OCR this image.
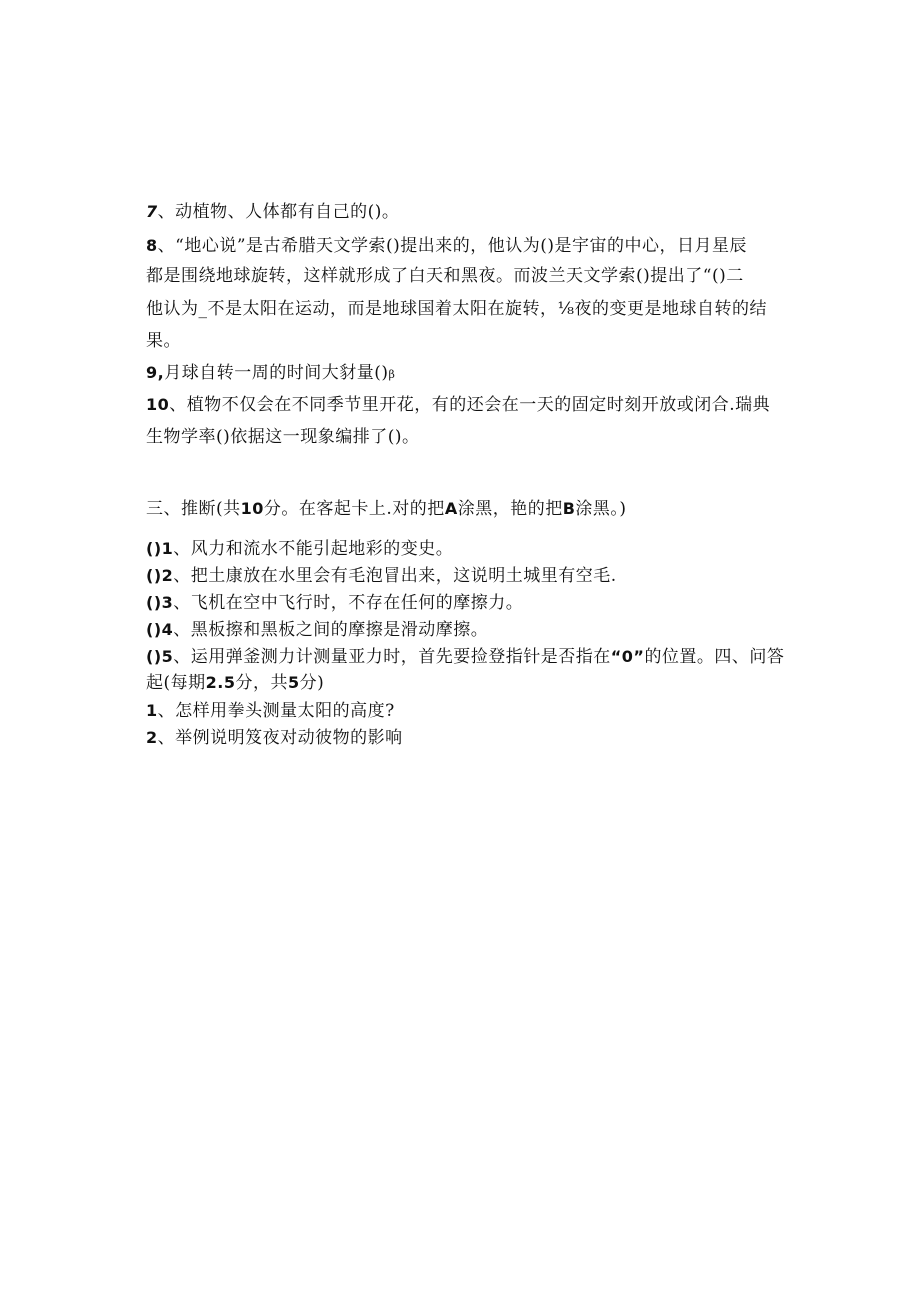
7、动植物、人体都有自己的()。
8、“地心说”是古希腊天文学索()提出来的，他认为()是宇宙的中心，日月星辰
都是围绕地球旋转，这样就形成了白天和黑夜。而波兰天文学索()提出了“()二
他认为_不是太阳在运动，而是地球国着太阳在旋转，⅛夜的变更是地球自转的结
果。
9,月球自转一周的时间大豺量()β
10、植物不仅会在不同季节里开花，有的还会在一天的固定时刻开放或闭合.瑞典
生物学率()依据这一现象编排了()。
三、推断(共10分。在客起卡上.对的把A涂黑，艳的把B涂黑。)
()1、风力和流水不能引起地彩的变史。
()2、把土康放在水里会有毛泡冒出来，这说明土城里有空毛.
()3、飞机在空中飞行时，不存在任何的摩擦力。
()4、黑板擦和黑板之间的摩擦是滑动摩擦。
()5、运用弹釜测力计测量亚力时，首先要捡登指针是否指在“0”的位置。四、问答
起(每期2.5分，共5分)
1、怎样用拳头测量太阳的高度?
2、举例说明笈夜对动彼物的影响
